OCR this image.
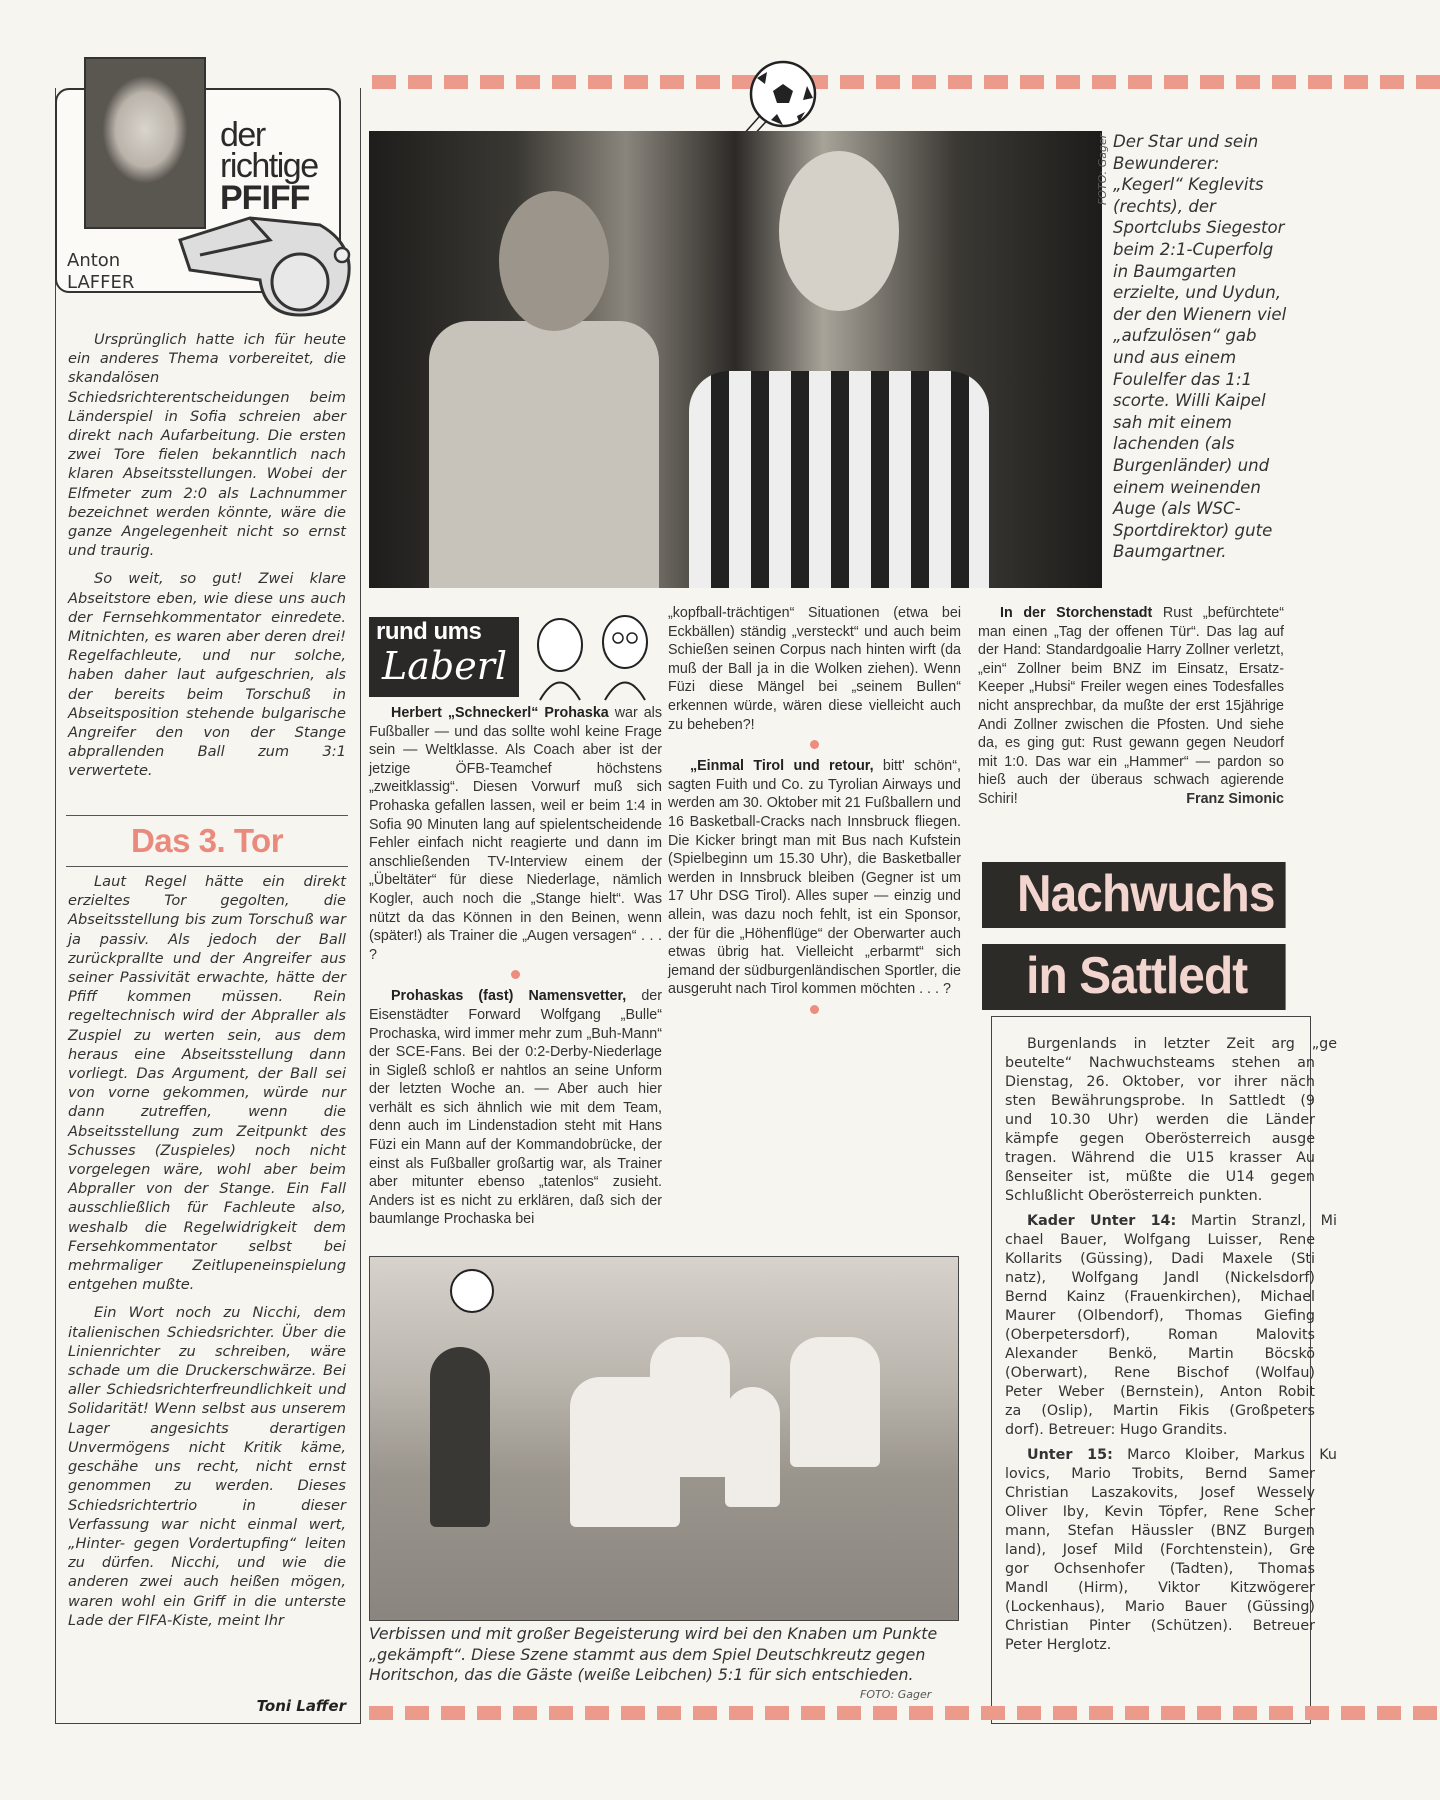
der
richtige
PFIFF
Anton
LAFFER

Ursprünglich hatte ich für heute ein anderes Thema vorbereitet, die skandalösen Schiedsrichterentscheidungen beim Länderspiel in Sofia schreien aber direkt nach Aufarbeitung. Die ersten zwei Tore fielen bekanntlich nach klaren Abseitsstellungen. Wobei der Elfmeter zum 2:0 als Lachnummer bezeichnet werden könnte, wäre die ganze Angelegenheit nicht so ernst und traurig.

So weit, so gut! Zwei klare Abseitstore eben, wie diese uns auch der Fernsehkommentator einredete. Mitnichten, es waren aber deren drei! Regelfachleute, und nur solche, haben daher laut aufgeschrien, als der bereits beim Torschuß in Abseitsposition stehende bulgarische Angreifer den von der Stange abprallenden Ball zum 3:1 verwertete.

Das 3. Tor

Laut Regel hätte ein direkt erzieltes Tor gegolten, die Abseitsstellung bis zum Torschuß war ja passiv. Als jedoch der Ball zurückprallte und der Angreifer aus seiner Passivität erwachte, hätte der Pfiff kommen müssen. Rein regeltechnisch wird der Abpraller als Zuspiel zu werten sein, aus dem heraus eine Abseitsstellung dann vorliegt. Das Argument, der Ball sei von vorne gekommen, würde nur dann zutreffen, wenn die Abseitsstellung zum Zeitpunkt des Schusses (Zuspieles) noch nicht vorgelegen wäre, wohl aber beim Abpraller von der Stange. Ein Fall ausschließlich für Fachleute also, weshalb die Regelwidrigkeit dem Fersehkommentator selbst bei mehrmaliger Zeitlupeneinspielung entgehen mußte.

Ein Wort noch zu Nicchi, dem italienischen Schiedsrichter. Über die Linienrichter zu schreiben, wäre schade um die Druckerschwärze. Bei aller Schiedsrichterfreundlichkeit und Solidarität! Wenn selbst aus unserem Lager angesichts derartigen Unvermögens nicht Kritik käme, geschähe uns recht, nicht ernst genommen zu werden. Dieses Schiedsrichtertrio in dieser Verfassung war nicht einmal wert, „Hinter- gegen Vordertupfing“ leiten zu dürfen. Nicchi, und wie die anderen zwei auch heißen mögen, waren wohl ein Griff in die unterste Lade der FIFA-Kiste, meint Ihr

Toni Laffer
FOTO: Gager Der Star und sein Bewunderer: „Kegerl“ Keglevits (rechts), der Sportclubs Siegestor beim 2:1-Cuperfolg in Baumgarten erzielte, und Uydun, der den Wienern viel „aufzulösen“ gab und aus einem Foulelfer das 1:1 scorte. Willi Kaipel sah mit einem lachenden (als Burgenländer) und einem weinenden Auge (als WSC-Sportdirektor) gute Baumgartner.
rund ums
Laberl

Herbert „Schneckerl“ Prohaska war als Fußballer — und das sollte wohl keine Frage sein — Weltklasse. Als Coach aber ist der jetzige ÖFB-Teamchef höchstens „zweitklassig“. Diesen Vorwurf muß sich Prohaska gefallen lassen, weil er beim 1:4 in Sofia 90 Minuten lang auf spielentscheidende Fehler einfach nicht reagierte und dann im anschließenden TV-Interview einem der „Übeltäter“ für diese Niederlage, nämlich Kogler, auch noch die „Stange hielt“. Was nützt da das Können in den Beinen, wenn (später!) als Trainer die „Augen versagen“ . . . ?

Prohaskas (fast) Namensvetter, der Eisenstädter Forward Wolfgang „Bulle“ Prochaska, wird immer mehr zum „Buh-Mann“ der SCE-Fans. Bei der 0:2-Derby-Niederlage in Sigleß schloß er nahtlos an seine Unform der letzten Woche an. — Aber auch hier verhält es sich ähnlich wie mit dem Team, denn auch im Lindenstadion steht mit Hans Füzi ein Mann auf der Kommandobrücke, der einst als Fußballer großartig war, als Trainer aber mitunter ebenso „tatenlos“ zusieht. Anders ist es nicht zu erklären, daß sich der baumlange Prochaska bei

„kopfball-trächtigen“ Situationen (etwa bei Eckbällen) ständig „versteckt“ und auch beim Schießen seinen Corpus nach hinten wirft (da muß der Ball ja in die Wolken ziehen). Wenn Füzi diese Mängel bei „seinem Bullen“ erkennen würde, wären diese vielleicht auch zu beheben?!

„Einmal Tirol und retour, bitt' schön“, sagten Fuith und Co. zu Tyrolian Airways und werden am 30. Oktober mit 21 Fußballern und 16 Basketball-Cracks nach Innsbruck fliegen. Die Kicker bringt man mit Bus nach Kufstein (Spielbeginn um 15.30 Uhr), die Basketballer werden in Innsbruck bleiben (Gegner ist um 17 Uhr DSG Tirol). Alles super — einzig und allein, was dazu noch fehlt, ist ein Sponsor, der für die „Höhenflüge“ der Oberwarter auch etwas übrig hat. Vielleicht „erbarmt“ sich jemand der südburgenländischen Sportler, die ausgeruht nach Tirol kommen möchten . . . ?

In der Storchenstadt Rust „befürchtete“ man einen „Tag der offenen Tür“. Das lag auf der Hand: Standardgoalie Harry Zollner verletzt, „ein“ Zollner beim BNZ im Einsatz, Ersatz-Keeper „Hubsi“ Freiler wegen eines Todesfalles nicht ansprechbar, da mußte der erst 15jährige Andi Zollner zwischen die Pfosten. Und siehe da, es ging gut: Rust gewann gegen Neudorf mit 1:0. Das war ein „Hammer“ — pardon so hieß auch der überaus schwach agierende Schiri!	Franz Simonic

Nachwuchs
in Sattledt
Burgenlands in letzter Zeit arg „ge
beutelte“ Nachwuchsteams stehen an
Dienstag, 26. Oktober, vor ihrer näch
sten Bewährungsprobe. In Sattledt (9
und 10.30 Uhr) werden die Länder
kämpfe gegen Oberösterreich ausge
tragen. Während die U15 krasser Au
ßenseiter ist, müßte die U14 gegen
Schlußlicht Oberösterreich punkten.
Kader Unter 14: Martin Stranzl, Mi
chael Bauer, Wolfgang Luisser, Rene
Kollarits (Güssing), Dadi Maxele (Sti
natz), Wolfgang Jandl (Nickelsdorf)
Bernd Kainz (Frauenkirchen), Michael
Maurer (Olbendorf), Thomas Giefing
(Oberpetersdorf), Roman Malovits
Alexander Benkö, Martin Böcskö
(Oberwart), Rene Bischof (Wolfau)
Peter Weber (Bernstein), Anton Robit
za (Oslip), Martin Fikis (Großpeters
dorf). Betreuer: Hugo Grandits.
Unter 15: Marco Kloiber, Markus Ku
lovics, Mario Trobits, Bernd Samer
Christian Laszakovits, Josef Wessely
Oliver Iby, Kevin Töpfer, Rene Scher
mann, Stefan Häussler (BNZ Burgen
land), Josef Mild (Forchtenstein), Gre
gor Ochsenhofer (Tadten), Thomas
Mandl (Hirm), Viktor Kitzwögerer
(Lockenhaus), Mario Bauer (Güssing)
Christian Pinter (Schützen). Betreuer
Peter Herglotz.
Verbissen und mit großer Begeisterung wird bei den Knaben um Punkte „gekämpft“. Diese Szene stammt aus dem Spiel Deutschkreutz gegen Horitschon, das die Gäste (weiße Leibchen) 5:1 für sich entschieden.
FOTO: Gager
